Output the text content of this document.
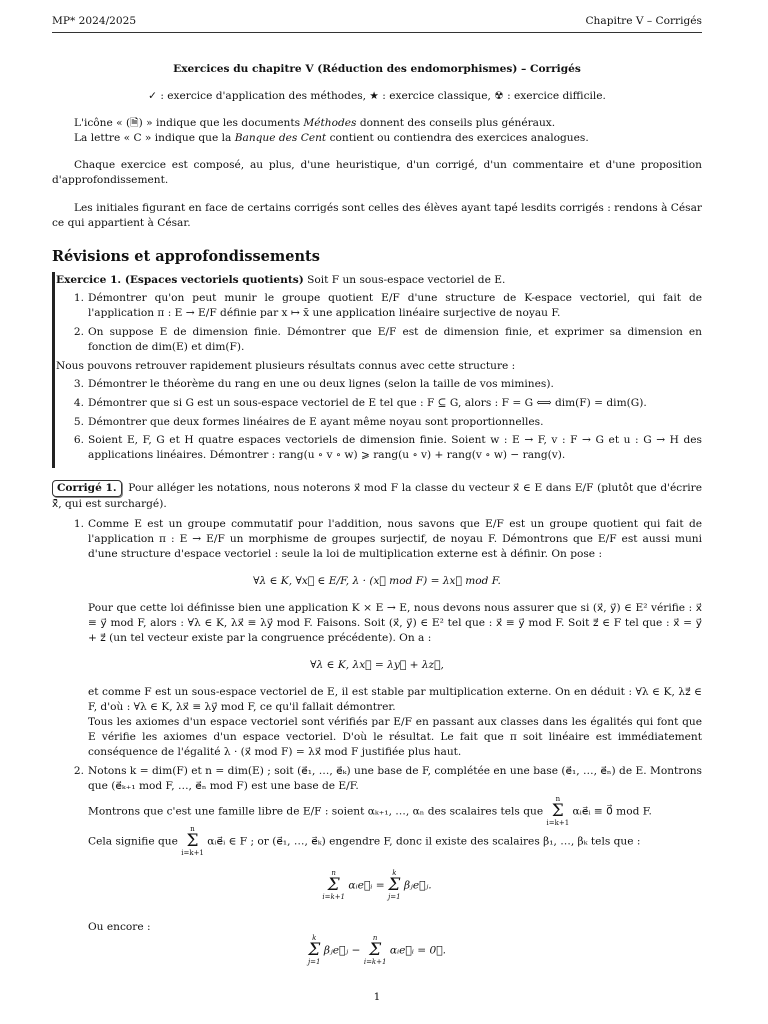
MP* 2024/2025	Chapitre V – Corrigés
Exercices du chapitre V (Réduction des endomorphismes) – Corrigés
✓ : exercice d'application des méthodes, ★ : exercice classique, ☢ : exercice difficile.
L'icône « (🗎) » indique que les documents Méthodes donnent des conseils plus généraux.
La lettre « C » indique que la Banque des Cent contient ou contiendra des exercices analogues.
Chaque exercice est composé, au plus, d'une heuristique, d'un corrigé, d'un commentaire et d'une proposition d'approfondissement.
Les initiales figurant en face de certains corrigés sont celles des élèves ayant tapé lesdits corrigés : rendons à César ce qui appartient à César.
Révisions et approfondissements
Exercice 1. (Espaces vectoriels quotients) Soit F un sous-espace vectoriel de E.
1. Démontrer qu'on peut munir le groupe quotient E/F d'une structure de K-espace vectoriel, qui fait de l'application π : E → E/F définie par x ↦ x̄ une application linéaire surjective de noyau F.
2. On suppose E de dimension finie. Démontrer que E/F est de dimension finie, et exprimer sa dimension en fonction de dim(E) et dim(F).
Nous pouvons retrouver rapidement plusieurs résultats connus avec cette structure :
3. Démontrer le théorème du rang en une ou deux lignes (selon la taille de vos mimines).
4. Démontrer que si G est un sous-espace vectoriel de E tel que : F ⊆ G, alors : F = G ⟺ dim(F) = dim(G).
5. Démontrer que deux formes linéaires de E ayant même noyau sont proportionnelles.
6. Soient E, F, G et H quatre espaces vectoriels de dimension finie. Soient w : E → F, v : F → G et u : G → H des applications linéaires. Démontrer : rang(u ∘ v ∘ w) ⩾ rang(u ∘ v) + rang(v ∘ w) − rang(v).
Corrigé 1. Pour alléger les notations, nous noterons x⃗ mod F la classe du vecteur x⃗ ∈ E dans E/F (plutôt que d'écrire x⃗̄, qui est surchargé).
1. Comme E est un groupe commutatif pour l'addition, nous savons que E/F est un groupe quotient qui fait de l'application π : E → E/F un morphisme de groupes surjectif, de noyau F. Démontrons que E/F est aussi muni d'une structure d'espace vectoriel : seule la loi de multiplication externe est à définir. On pose :
∀λ ∈ K, ∀x⃗ ∈ E/F, λ · (x⃗ mod F) = λx⃗ mod F.
Pour que cette loi définisse bien une application K × E → E, nous devons nous assurer que si (x⃗, y⃗) ∈ E² vérifie : x⃗ ≡ y⃗ mod F, alors : ∀λ ∈ K, λx⃗ ≡ λy⃗ mod F. Faisons. Soit (x⃗, y⃗) ∈ E² tel que : x⃗ ≡ y⃗ mod F. Soit z⃗ ∈ F tel que : x⃗ = y⃗ + z⃗ (un tel vecteur existe par la congruence précédente). On a :
∀λ ∈ K, λx⃗ = λy⃗ + λz⃗,
et comme F est un sous-espace vectoriel de E, il est stable par multiplication externe. On en déduit : ∀λ ∈ K, λz⃗ ∈ F, d'où : ∀λ ∈ K, λx⃗ ≡ λy⃗ mod F, ce qu'il fallait démontrer.
Tous les axiomes d'un espace vectoriel sont vérifiés par E/F en passant aux classes dans les égalités qui font que E vérifie les axiomes d'un espace vectoriel. D'où le résultat. Le fait que π soit linéaire est immédiatement conséquence de l'égalité λ · (x⃗ mod F) = λx⃗ mod F justifiée plus haut.
2. Notons k = dim(F) et n = dim(E) ; soit (e⃗₁, …, e⃗ₖ) une base de F, complétée en une base (e⃗₁, …, e⃗ₙ) de E. Montrons que (e⃗ₖ₊₁ mod F, …, e⃗ₙ mod F) est une base de E/F.
Montrons que c'est une famille libre de E/F : soient αₖ₊₁, …, αₙ des scalaires tels que
n
Σ
i=k+1
αᵢe⃗ᵢ ≡ 0⃗ mod F.
Cela signifie que
n
Σ
i=k+1
αᵢe⃗ᵢ ∈ F ; or (e⃗₁, …, e⃗ₖ) engendre F, donc il existe des scalaires β₁, …, βₖ tels que :
n
Σ
i=k+1
αᵢe⃗ᵢ =
k
Σ
j=1
βⱼe⃗ⱼ.
Ou encore :
k
Σ
j=1
βⱼe⃗ⱼ −
n
Σ
i=k+1
αᵢe⃗ᵢ = 0⃗.
1
